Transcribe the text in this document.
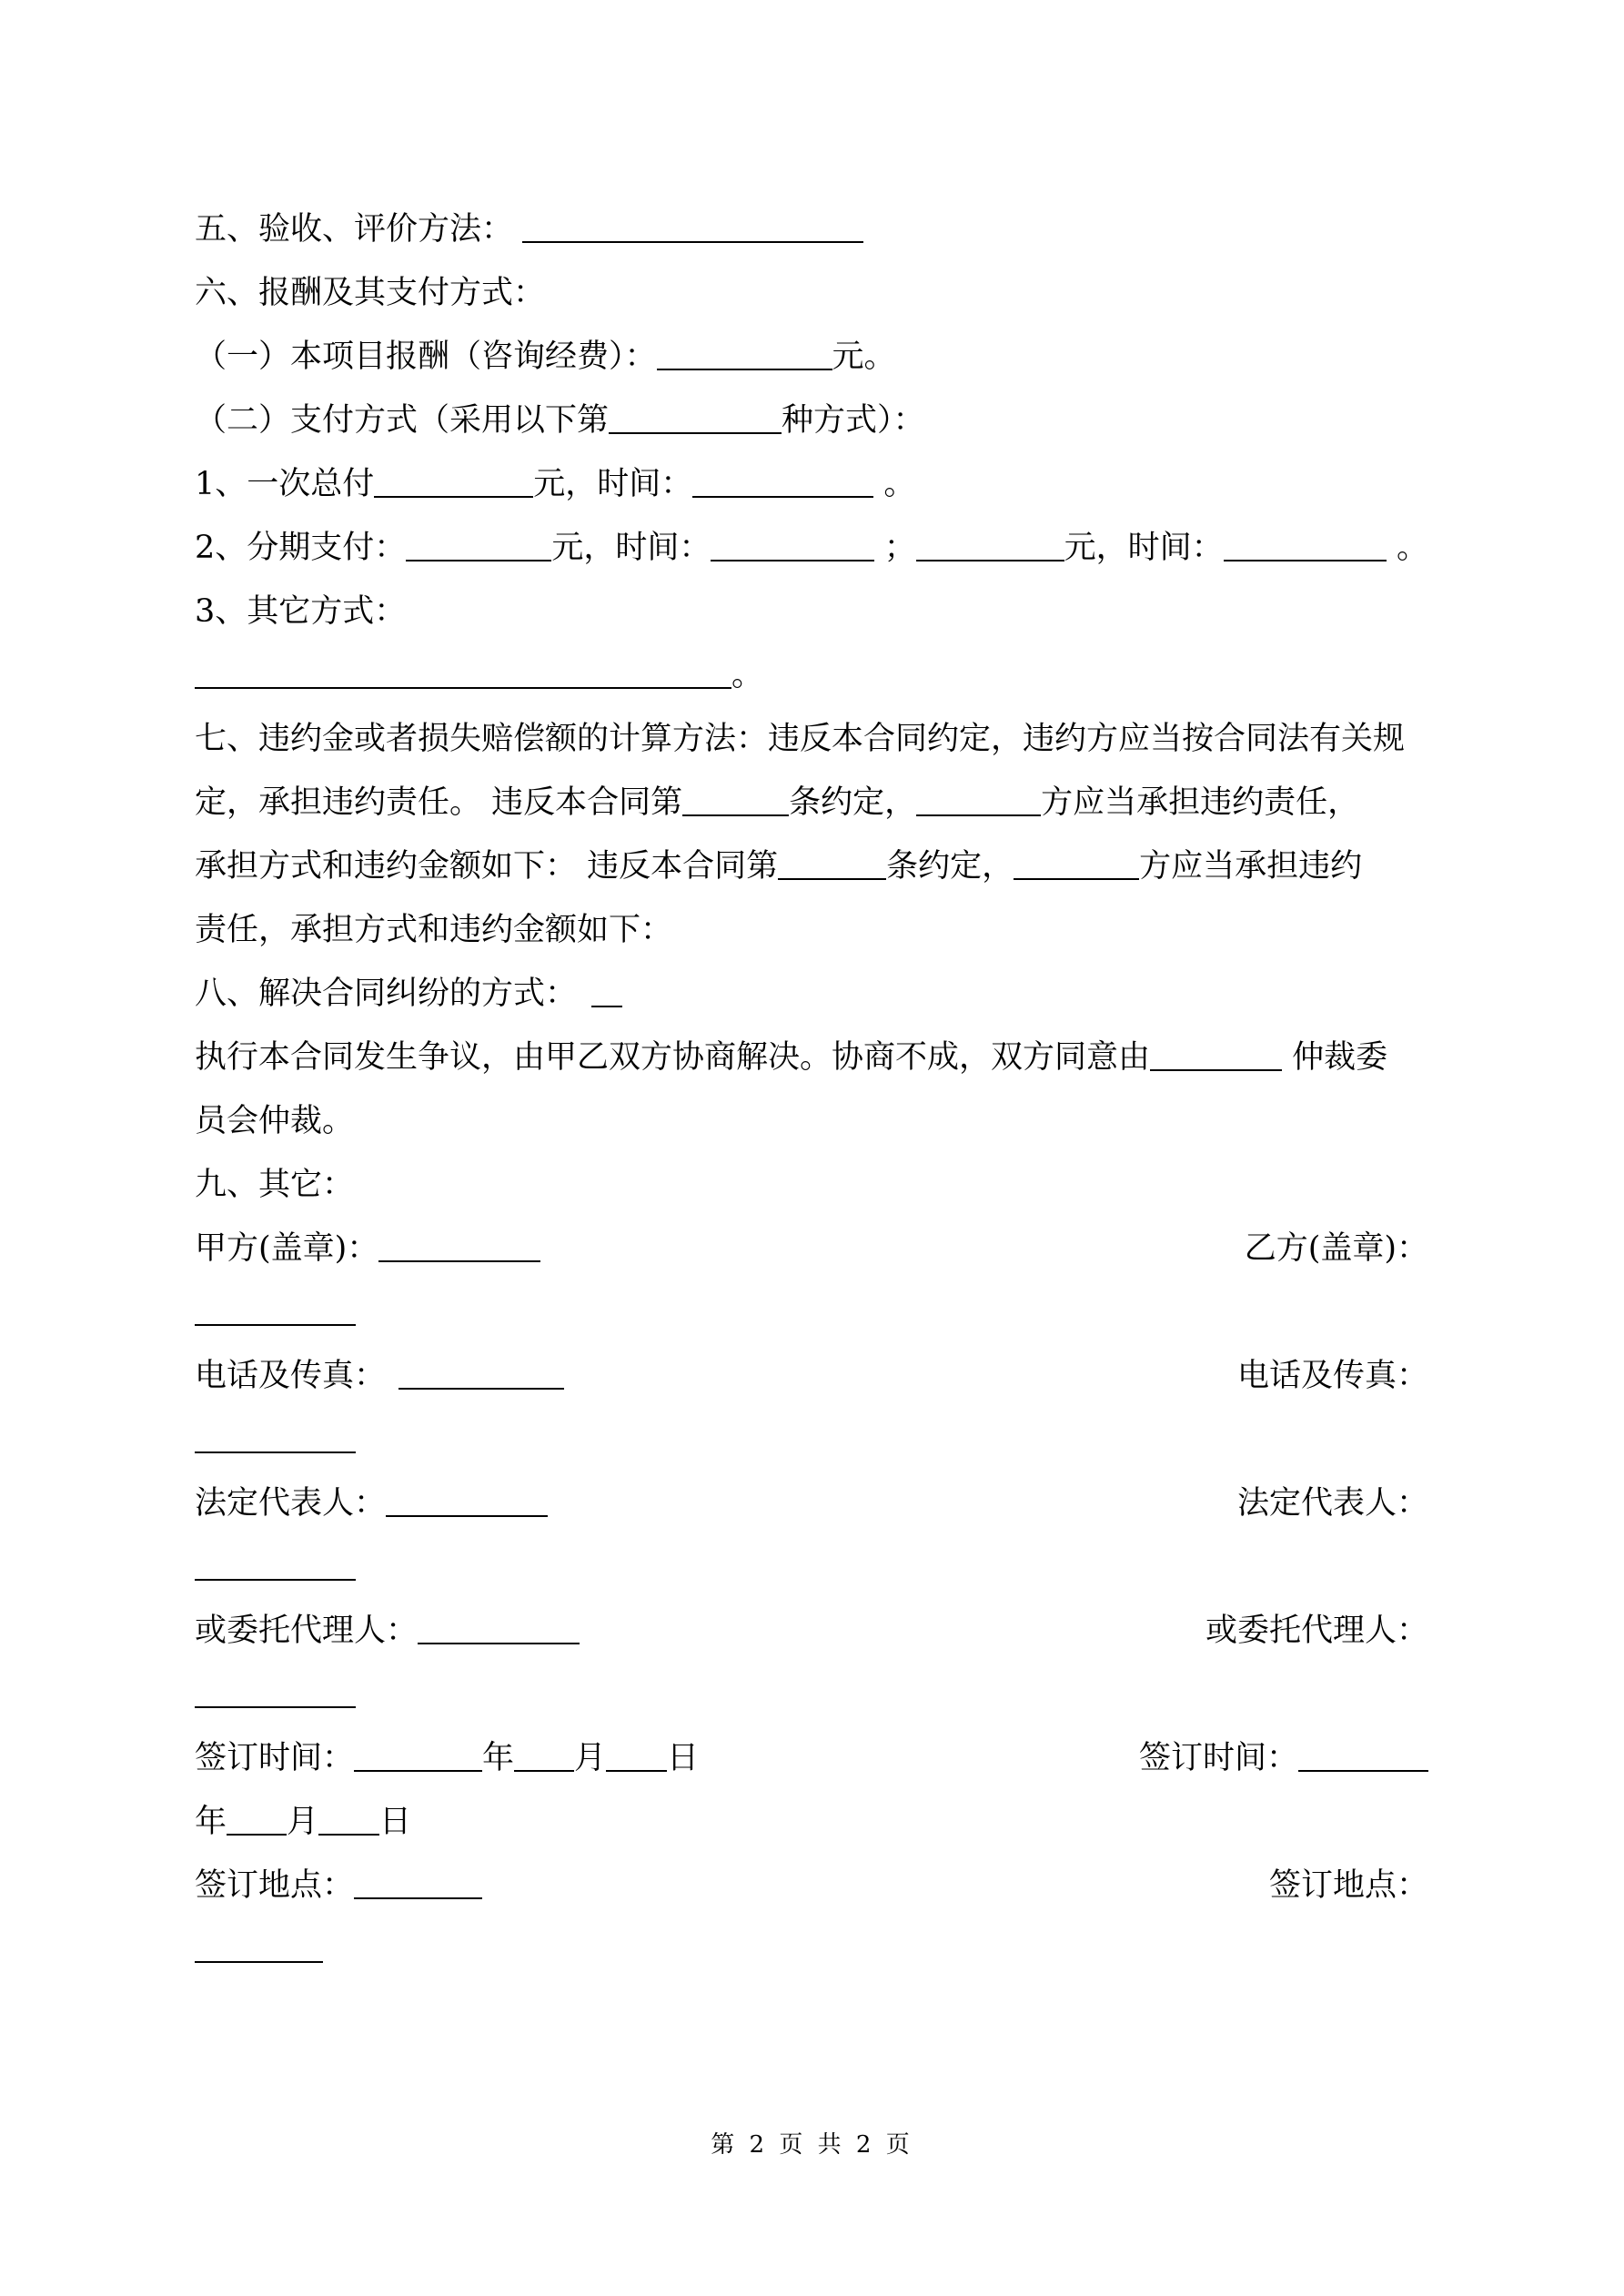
五、验收、评价方法：
六、报酬及其支付方式：
（一）本项目报酬（咨询经费）：	元。
（二）支付方式（采用以下第	种方式）：
1、一次总付	元，时间：	。
2、分期支付：	元，时间：	；	元，时间：	。
3、其它方式：
。
七、违约金或者损失赔偿额的计算方法：违反本合同约定，违约方应当按合同法有关规
定，承担违约责任。 违反本合同第	条约定，	方应当承担违约责任，
承担方式和违约金额如下： 违反本合同第	条约定，	方应当承担违约
责任，承担方式和违约金额如下：
八、解决合同纠纷的方式：
执行本合同发生争议，由甲乙双方协商解决。协商不成，双方同意由	仲裁委
员会仲裁。
九、其它：
甲方(盖章)：	乙方(盖章)：
电话及传真：	电话及传真：
法定代表人：	法定代表人：
或委托代理人：	或委托代理人：
签订时间：	年 月 日	签订时间：
年 月 日
签订地点：	签订地点：
第 2 页 共 2 页
